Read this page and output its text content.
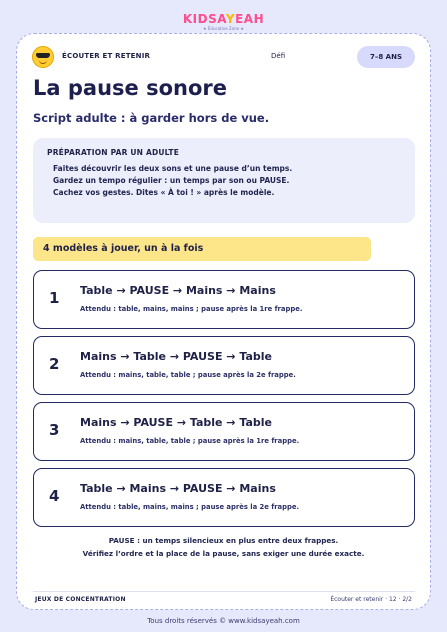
KIDSAYEAH
★ Éducative Zone ★
ÉCOUTER ET RETENIR	Défi	7–8 ANS
La pause sonore
Script adulte : à garder hors de vue.
PRÉPARATION PAR UN ADULTE
Faites découvrir les deux sons et une pause d’un temps.
Gardez un tempo régulier : un temps par son ou PAUSE.
Cachez vos gestes. Dites « À toi ! » après le modèle.
4 modèles à jouer, un à la fois
1 Table → PAUSE → Mains → Mains
Attendu : table, mains, mains ; pause après la 1re frappe.
2 Mains → Table → PAUSE → Table
Attendu : mains, table, table ; pause après la 2e frappe.
3 Mains → PAUSE → Table → Table
Attendu : mains, table, table ; pause après la 1re frappe.
4 Table → Mains → PAUSE → Mains
Attendu : table, mains, mains ; pause après la 2e frappe.
PAUSE : un temps silencieux en plus entre deux frappes.
Vérifiez l’ordre et la place de la pause, sans exiger une durée exacte.
JEUX DE CONCENTRATION	Écouter et retenir · 12 · 2/2
Tous droits réservés © www.kidsayeah.com
